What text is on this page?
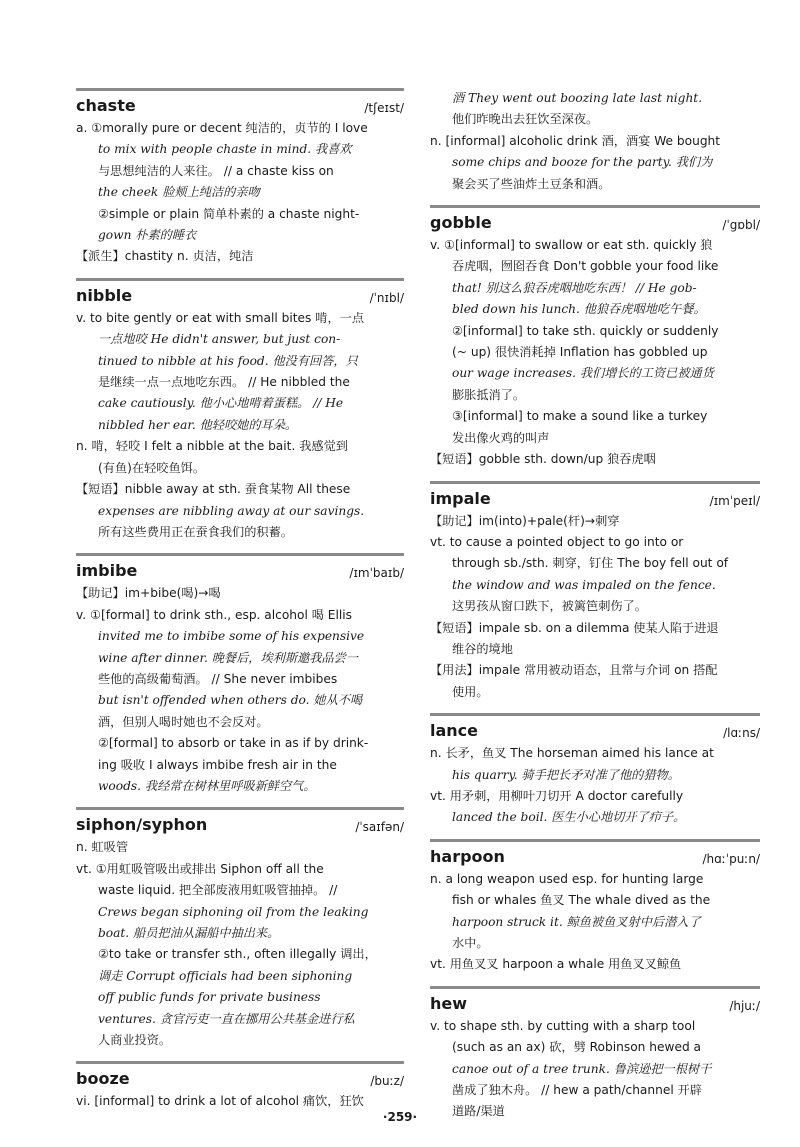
chaste	/tʃeɪst/

a. ①morally pure or decent 纯洁的，贞节的 I love

to mix with people chaste in mind. 我喜欢

与思想纯洁的人来往。 // a chaste kiss on

the cheek 脸颊上纯洁的亲吻

②simple or plain 简单朴素的 a chaste night-

gown 朴素的睡衣

【派生】chastity n. 贞洁，纯洁

nibble	/ˈnɪbl/

v. to bite gently or eat with small bites 啃，一点

一点地咬 He didn't answer, but just con-

tinued to nibble at his food. 他没有回答，只

是继续一点一点地吃东西。 // He nibbled the

cake cautiously. 他小心地啃着蛋糕。 // He

nibbled her ear. 他轻咬她的耳朵。

n. 啃，轻咬 I felt a nibble at the bait. 我感觉到

(有鱼)在轻咬鱼饵。

【短语】nibble away at sth. 蚕食某物 All these

expenses are nibbling away at our savings.

所有这些费用正在蚕食我们的积蓄。

imbibe	/ɪmˈbaɪb/

【助记】im+bibe(喝)→喝

v. ①[formal] to drink sth., esp. alcohol 喝 Ellis

invited me to imbibe some of his expensive

wine after dinner. 晚餐后，埃利斯邀我品尝一

些他的高级葡萄酒。 // She never imbibes

but isn't offended when others do. 她从不喝

酒，但别人喝时她也不会反对。

②[formal] to absorb or take in as if by drink-

ing 吸收 I always imbibe fresh air in the

woods. 我经常在树林里呼吸新鲜空气。

siphon/syphon	/ˈsaɪfən/

n. 虹吸管

vt. ①用虹吸管吸出或排出 Siphon off all the

waste liquid. 把全部废液用虹吸管抽掉。 //

Crews began siphoning oil from the leaking

boat. 船员把油从漏船中抽出来。

②to take or transfer sth., often illegally 调出，

调走 Corrupt officials had been siphoning

off public funds for private business

ventures. 贪官污吏一直在挪用公共基金进行私

人商业投资。

booze	/buːz/

vi. [informal] to drink a lot of alcohol 痛饮，狂饮

酒 They went out boozing late last night.

他们昨晚出去狂饮至深夜。

n. [informal] alcoholic drink 酒，酒宴 We bought

some chips and booze for the party. 我们为

聚会买了些油炸土豆条和酒。

gobble	/ˈgɒbl/

v. ①[informal] to swallow or eat sth. quickly 狼

吞虎咽，囫囵吞食 Don't gobble your food like

that! 别这么狼吞虎咽地吃东西！ // He gob-

bled down his lunch. 他狼吞虎咽地吃午餐。

②[informal] to take sth. quickly or suddenly

(~ up) 很快消耗掉 Inflation has gobbled up

our wage increases. 我们增长的工资已被通货

膨胀抵消了。

③[informal] to make a sound like a turkey

发出像火鸡的叫声

【短语】gobble sth. down/up 狼吞虎咽

impale	/ɪmˈpeɪl/

【助记】im(into)+pale(杆)→刺穿

vt. to cause a pointed object to go into or

through sb./sth. 刺穿，钉住 The boy fell out of

the window and was impaled on the fence.

这男孩从窗口跌下，被篱笆刺伤了。

【短语】impale sb. on a dilemma 使某人陷于进退

维谷的境地

【用法】impale 常用被动语态，且常与介词 on 搭配

使用。

lance	/lɑːns/

n. 长矛，鱼叉 The horseman aimed his lance at

his quarry. 骑手把长矛对准了他的猎物。

vt. 用矛刺，用柳叶刀切开 A doctor carefully

lanced the boil. 医生小心地切开了疖子。

harpoon	/hɑːˈpuːn/

n. a long weapon used esp. for hunting large

fish or whales 鱼叉 The whale dived as the

harpoon struck it. 鲸鱼被鱼叉射中后潜入了

水中。

vt. 用鱼叉叉 harpoon a whale 用鱼叉叉鲸鱼

hew	/hjuː/

v. to shape sth. by cutting with a sharp tool

(such as an ax) 砍，劈 Robinson hewed a

canoe out of a tree trunk. 鲁滨逊把一根树干

凿成了独木舟。 // hew a path/channel 开辟

道路/渠道

·259·
